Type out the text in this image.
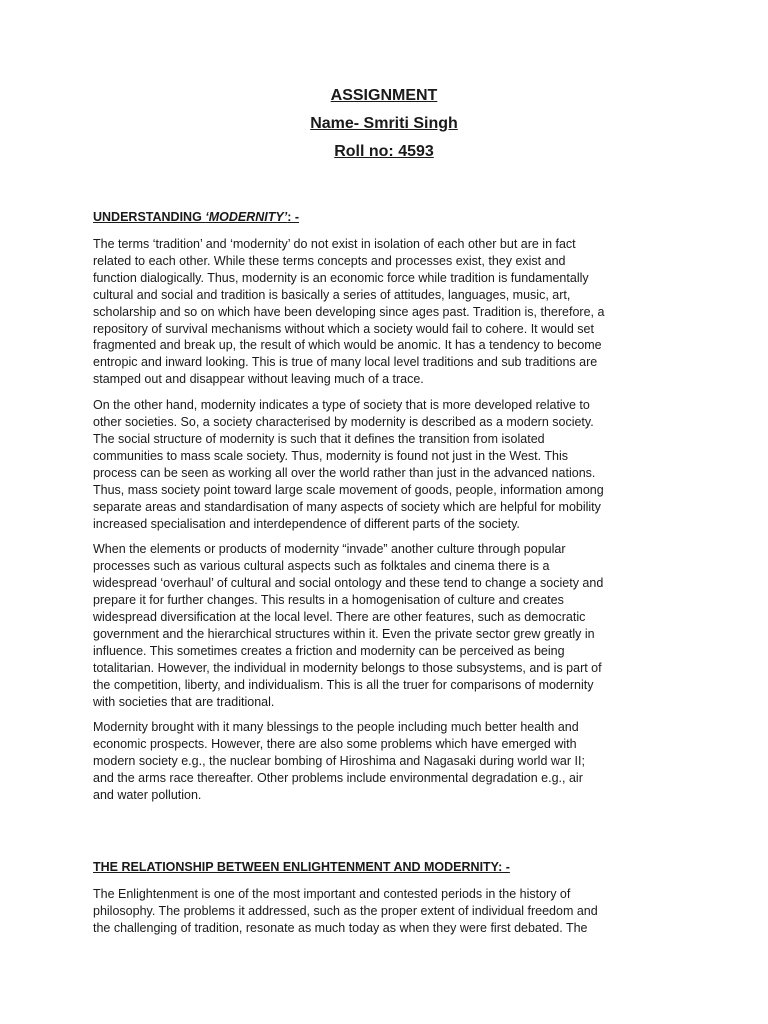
ASSIGNMENT

Name- Smriti Singh

Roll no: 4593

UNDERSTANDING ‘MODERNITY’: -

The terms ‘tradition’ and ‘modernity’ do not exist in isolation of each other but are in fact
related to each other. While these terms concepts and processes exist, they exist and
function dialogically. Thus, modernity is an economic force while tradition is fundamentally
cultural and social and tradition is basically a series of attitudes, languages, music, art,
scholarship and so on which have been developing since ages past. Tradition is, therefore, a
repository of survival mechanisms without which a society would fail to cohere. It would set
fragmented and break up, the result of which would be anomic. It has a tendency to become
entropic and inward looking. This is true of many local level traditions and sub traditions are
stamped out and disappear without leaving much of a trace.

On the other hand, modernity indicates a type of society that is more developed relative to
other societies. So, a society characterised by modernity is described as a modern society.
The social structure of modernity is such that it defines the transition from isolated
communities to mass scale society. Thus, modernity is found not just in the West. This
process can be seen as working all over the world rather than just in the advanced nations.
Thus, mass society point toward large scale movement of goods, people, information among
separate areas and standardisation of many aspects of society which are helpful for mobility
increased specialisation and interdependence of different parts of the society.

When the elements or products of modernity “invade” another culture through popular
processes such as various cultural aspects such as folktales and cinema there is a
widespread ‘overhaul’ of cultural and social ontology and these tend to change a society and
prepare it for further changes. This results in a homogenisation of culture and creates
widespread diversification at the local level. There are other features, such as democratic
government and the hierarchical structures within it. Even the private sector grew greatly in
influence. This sometimes creates a friction and modernity can be perceived as being
totalitarian. However, the individual in modernity belongs to those subsystems, and is part of
the competition, liberty, and individualism. This is all the truer for comparisons of modernity
with societies that are traditional.

Modernity brought with it many blessings to the people including much better health and
economic prospects. However, there are also some problems which have emerged with
modern society e.g., the nuclear bombing of Hiroshima and Nagasaki during world war II;
and the arms race thereafter. Other problems include environmental degradation e.g., air
and water pollution.

THE RELATIONSHIP BETWEEN ENLIGHTENMENT AND MODERNITY: -

The Enlightenment is one of the most important and contested periods in the history of
philosophy. The problems it addressed, such as the proper extent of individual freedom and
the challenging of tradition, resonate as much today as when they were first debated. The
